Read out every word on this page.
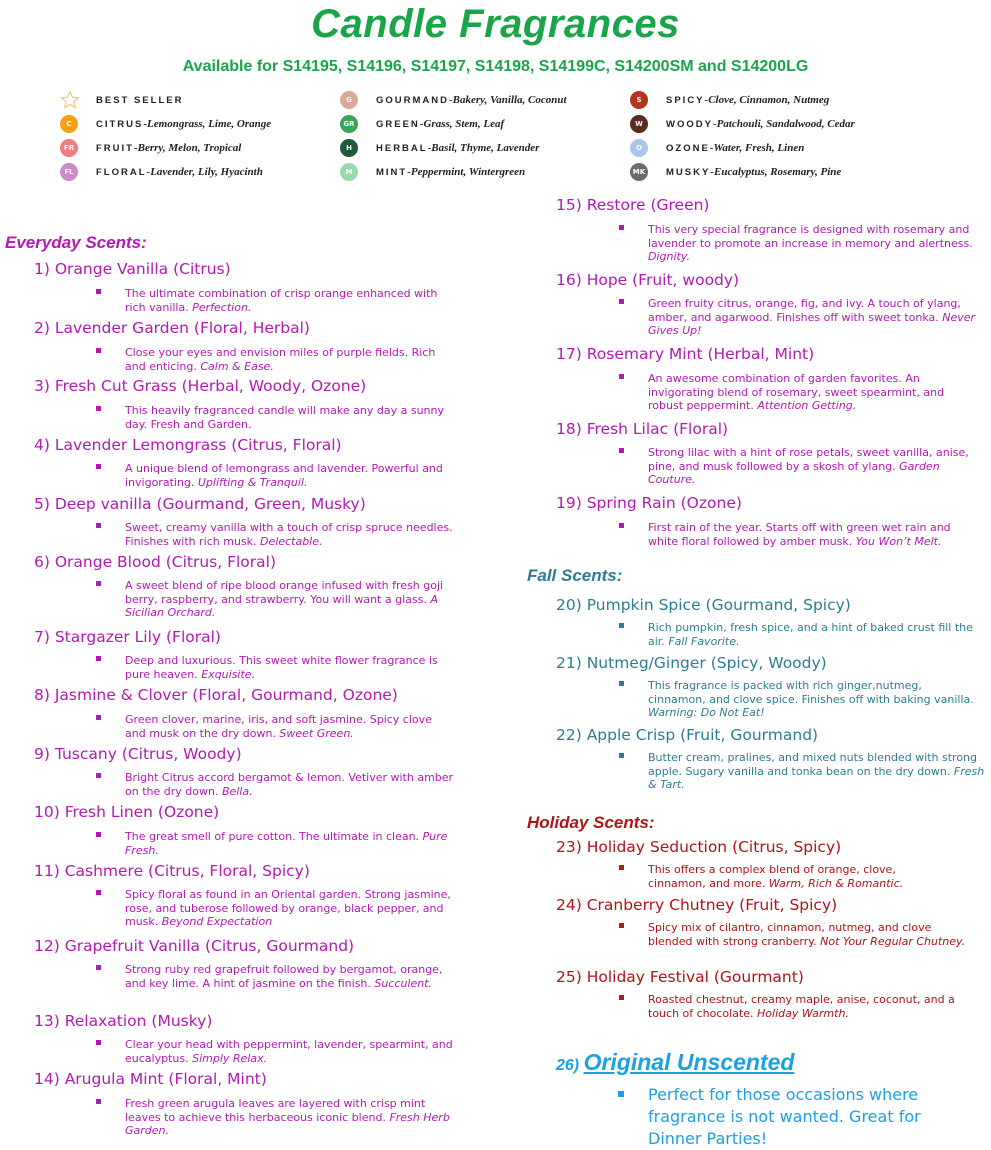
Candle Fragrances
Available for S14195, S14196, S14197, S14198, S14199C, S14200SM and S14200LG
BEST SELLER
C	CITRUS - Lemongrass, Lime, Orange
FR	FRUIT - Berry, Melon, Tropical
FL	FLORAL - Lavender, Lily, Hyacinth
G	GOURMAND - Bakery, Vanilla, Coconut
GR	GREEN - Grass, Stem, Leaf
H	HERBAL - Basil, Thyme, Lavender
M	MINT - Peppermint, Wintergreen
S	SPICY - Clove, Cinnamon, Nutmeg
W	WOODY - Patchouli, Sandalwood, Cedar
O	OZONE - Water, Fresh, Linen
MK MUSKY - Eucalyptus, Rosemary, Pine
Everyday Scents:
1) Orange Vanilla (Citrus)
The ultimate combination of crisp orange enhanced with rich vanilla. Perfection.
2) Lavender Garden (Floral, Herbal)
Close your eyes and envision miles of purple fields. Rich and enticing. Calm & Ease.
3) Fresh Cut Grass (Herbal, Woody, Ozone)
This heavily fragranced candle will make any day a sunny day. Fresh and Garden.
4) Lavender Lemongrass (Citrus, Floral)
A unique blend of lemongrass and lavender. Powerful and invigorating. Uplifting & Tranquil.
5) Deep vanilla (Gourmand, Green, Musky)
Sweet, creamy vanilla with a touch of crisp spruce needles. Finishes with rich musk. Delectable.
6) Orange Blood (Citrus, Floral)
A sweet blend of ripe blood orange infused with fresh goji berry, raspberry, and strawberry. You will want a glass. A Sicilian Orchard.
7) Stargazer Lily (Floral)
Deep and luxurious. This sweet white flower fragrance is pure heaven. Exquisite.
8) Jasmine & Clover (Floral, Gourmand, Ozone)
Green clover, marine, iris, and soft jasmine. Spicy clove and musk on the dry down. Sweet Green.
9) Tuscany (Citrus, Woody)
Bright Citrus accord bergamot & lemon. Vetiver with amber on the dry down. Bella.
10) Fresh Linen (Ozone)
The great smell of pure cotton. The ultimate in clean. Pure Fresh.
11) Cashmere (Citrus, Floral, Spicy)
Spicy floral as found in an Oriental garden. Strong jasmine, rose, and tuberose followed by orange, black pepper, and musk. Beyond Expectation
12) Grapefruit Vanilla (Citrus, Gourmand)
Strong ruby red grapefruit followed by bergamot, orange, and key lime. A hint of jasmine on the finish. Succulent.
13) Relaxation (Musky)
Clear your head with peppermint, lavender, spearmint, and eucalyptus. Simply Relax.
14) Arugula Mint (Floral, Mint)
Fresh green arugula leaves are layered with crisp mint leaves to achieve this herbaceous iconic blend. Fresh Herb Garden.
15) Restore (Green)
This very special fragrance is designed with rosemary and lavender to promote an increase in memory and alertness. Dignity.
16) Hope (Fruit, woody)
Green fruity citrus, orange, fig, and ivy. A touch of ylang, amber, and agarwood. Finishes off with sweet tonka. Never Gives Up!
17) Rosemary Mint (Herbal, Mint)
An awesome combination of garden favorites. An invigorating blend of rosemary, sweet spearmint, and robust peppermint. Attention Getting.
18) Fresh Lilac (Floral)
Strong lilac with a hint of rose petals, sweet vanilla, anise, pine, and musk followed by a skosh of ylang. Garden Couture.
19) Spring Rain (Ozone)
First rain of the year. Starts off with green wet rain and white floral followed by amber musk. You Won’t Melt.
Fall Scents:
20) Pumpkin Spice (Gourmand, Spicy)
Rich pumpkin, fresh spice, and a hint of baked crust fill the air. Fall Favorite.
21) Nutmeg/Ginger (Spicy, Woody)
This fragrance is packed with rich ginger,nutmeg, cinnamon, and clove spice. Finishes off with baking vanilla. Warning: Do Not Eat!
22) Apple Crisp (Fruit, Gourmand)
Butter cream, pralines, and mixed nuts blended with strong apple. Sugary vanilla and tonka bean on the dry down. Fresh & Tart.
Holiday Scents:
23) Holiday Seduction (Citrus, Spicy)
This offers a complex blend of orange, clove, cinnamon, and more. Warm, Rich & Romantic.
24) Cranberry Chutney (Fruit, Spicy)
Spicy mix of cilantro, cinnamon, nutmeg, and clove blended with strong cranberry. Not Your Regular Chutney.
25) Holiday Festival (Gourmant)
Roasted chestnut, creamy maple, anise, coconut, and a touch of chocolate. Holiday Warmth.
26) Original Unscented
Perfect for those occasions where fragrance is not wanted. Great for Dinner Parties!
